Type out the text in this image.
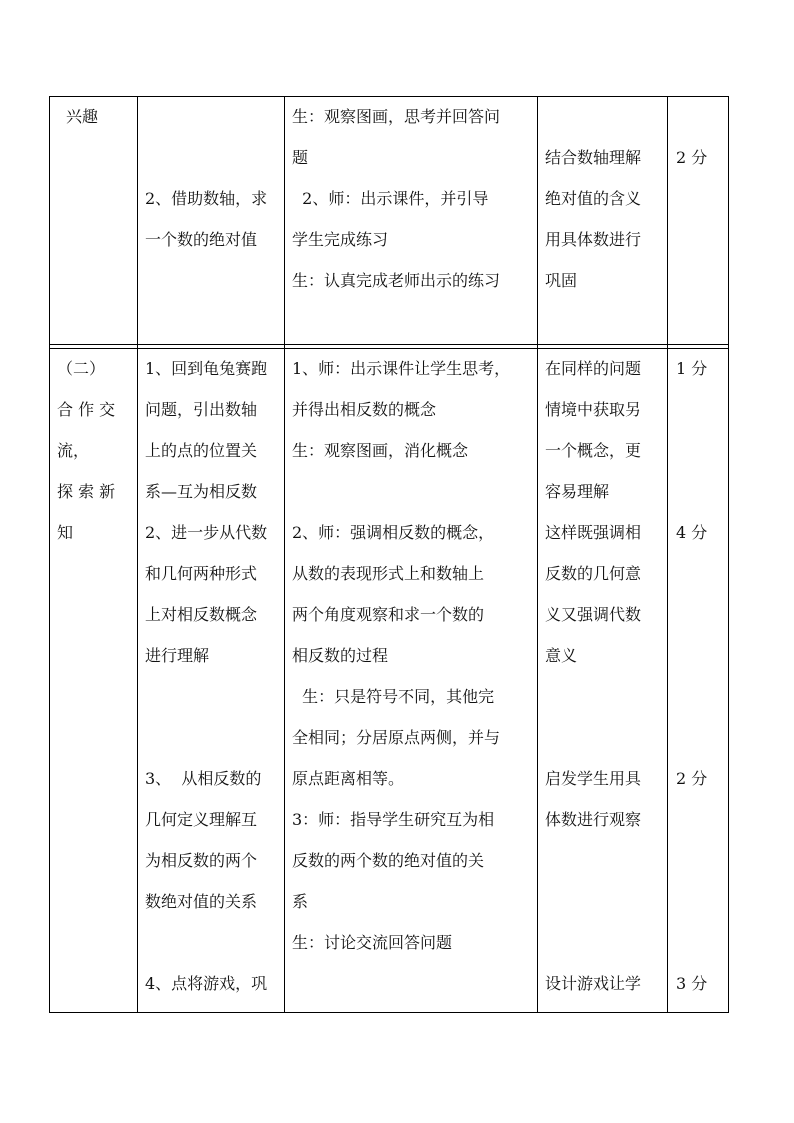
兴趣

2、借助数轴，求

一个数的绝对值

生：观察图画，思考并回答问

题

2、师：出示课件，并引导

学生完成练习

生：认真完成老师出示的练习

结合数轴理解

绝对值的含义

用具体数进行

巩固

2 分

（二）

合 作 交

流，

探 索 新

知

1、回到龟兔赛跑

问题，引出数轴

上的点的位置关

系—互为相反数

2、进一步从代数

和几何两种形式

上对相反数概念

进行理解

3、  从相反数的

几何定义理解互

为相反数的两个

数绝对值的关系

4、点将游戏，巩

1、师：出示课件让学生思考，

并得出相反数的概念

生：观察图画，消化概念

2、师：强调相反数的概念，

从数的表现形式上和数轴上

两个角度观察和求一个数的

相反数的过程

生：只是符号不同，其他完

全相同；分居原点两侧，并与

原点距离相等。

3：师：指导学生研究互为相

反数的两个数的绝对值的关

系

生：讨论交流回答问题

在同样的问题

情境中获取另

一个概念，更

容易理解

这样既强调相

反数的几何意

义又强调代数

意义

启发学生用具

体数进行观察

设计游戏让学

1 分

4 分

2 分

3 分
